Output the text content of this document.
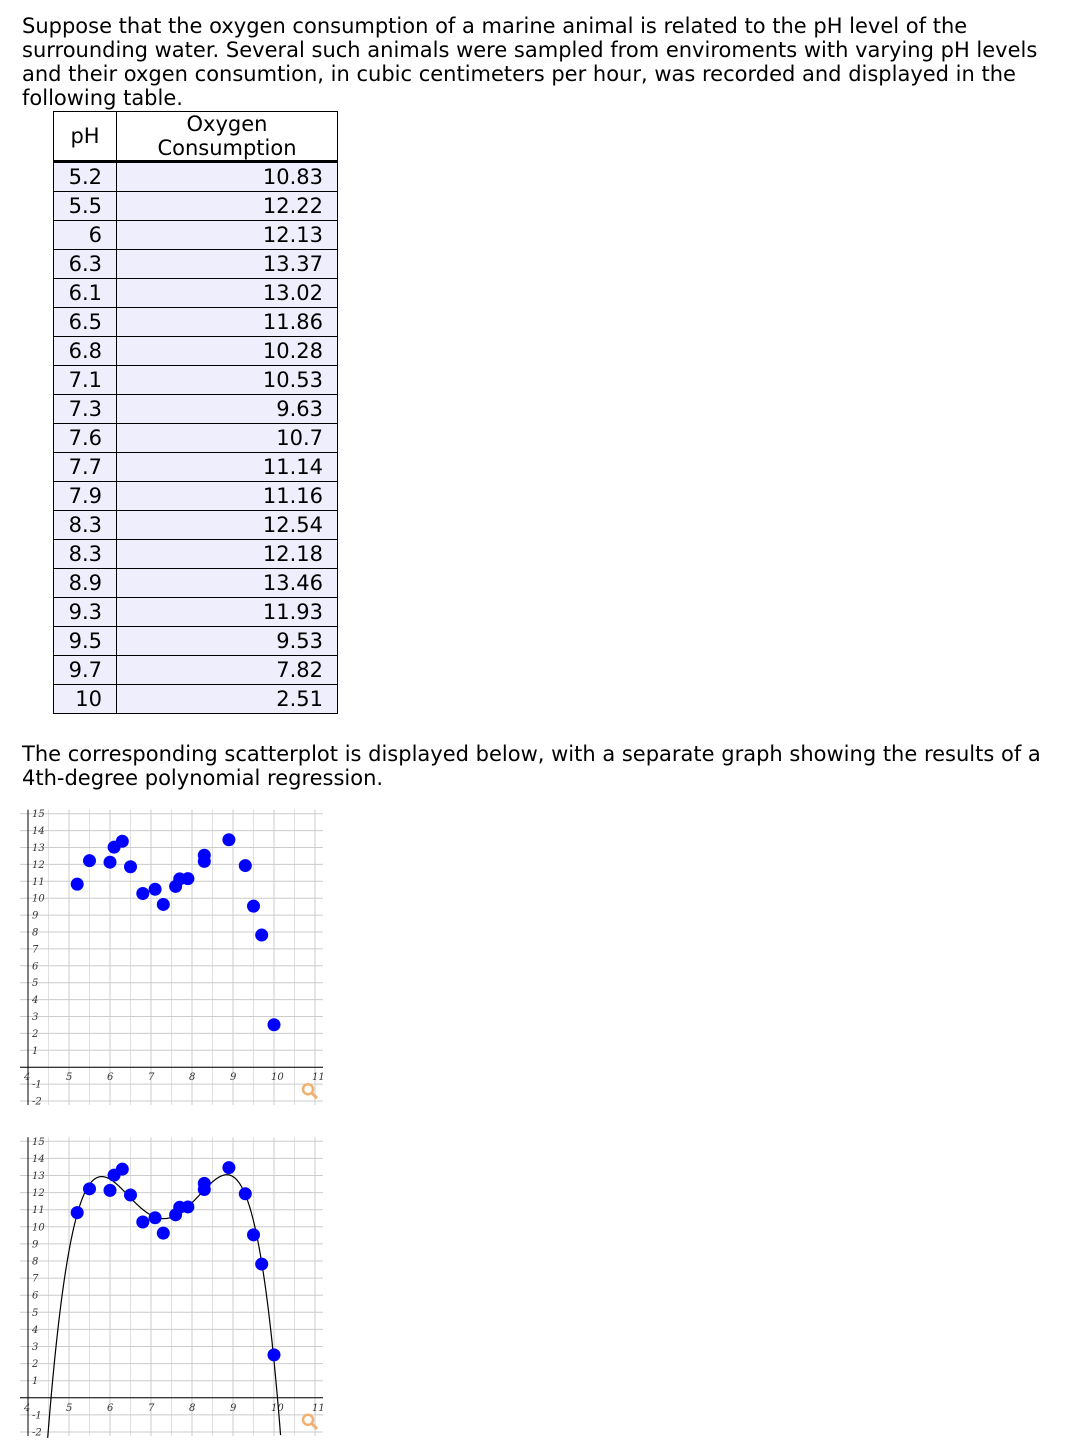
Suppose that the oxygen consumption of a marine animal is related to the pH level of the surrounding water. Several such animals were sampled from enviroments with varying pH levels and their oxgen consumtion, in cubic centimeters per hour, was recorded and displayed in the following table.

pH	Oxygen Consumption
5.2	10.83
5.5	12.22
6	12.13
6.3	13.37
6.1	13.02
6.5	11.86
6.8	10.28
7.1	10.53
7.3	9.63
7.6	10.7
7.7	11.14
7.9	11.16
8.3	12.54
8.3	12.18
8.9	13.46
9.3	11.93
9.5	9.53
9.7	7.82
10	2.51

The corresponding scatterplot is displayed below, with a separate graph showing the results of a 4th-degree polynomial regression.

-2
-1
1
2
3
4
5
6
7
8
9
10
11
12
13
14
15
4	5	6	7	8	9	10	11
-2
-1
1
2
3
4
5
6
7
8
9
10
11
12
13
14
15
4	5	6	7	8	9	10	11
